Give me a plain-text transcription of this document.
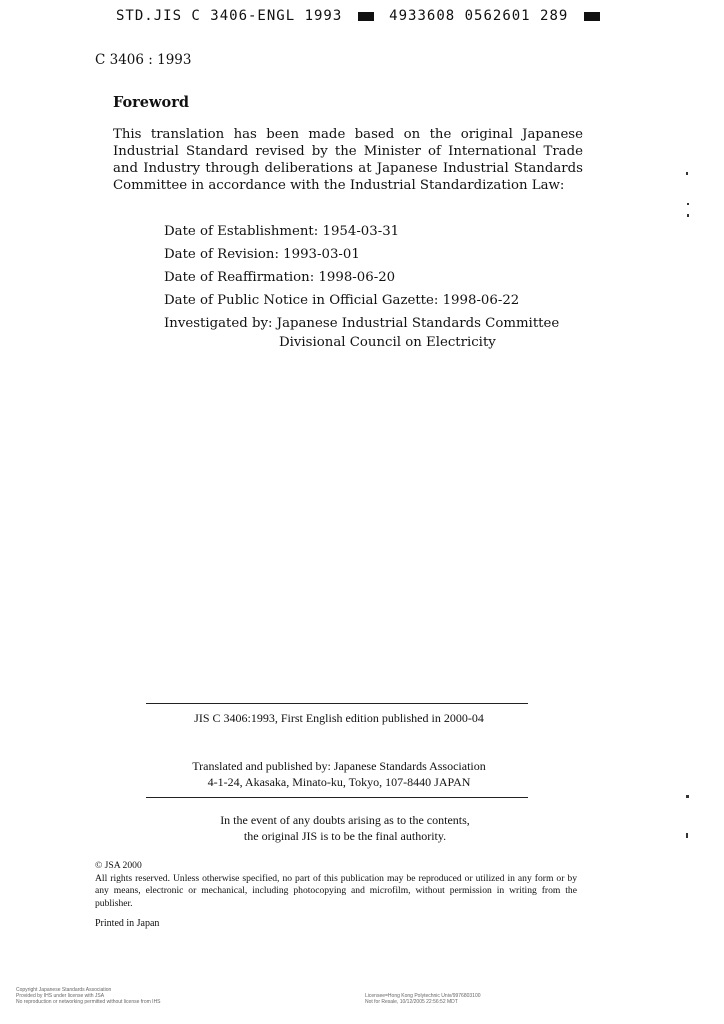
STD.JIS C 3406-ENGL 1993	4933608 0562601 289
C 3406 : 1993
Foreword
This translation has been made based on the original Japanese Industrial Standard revised by the Minister of International Trade and Industry through deliberations at Japanese Industrial Standards Committee in accordance with the Industrial Standardization Law:
Date of Establishment: 1954-03-31
Date of Revision: 1993-03-01
Date of Reaffirmation: 1998-06-20
Date of Public Notice in Official Gazette: 1998-06-22
Investigated by: Japanese Industrial Standards Committee
Divisional Council on Electricity
JIS C 3406:1993, First English edition published in 2000-04
Translated and published by: Japanese Standards Association
4-1-24, Akasaka, Minato-ku, Tokyo, 107-8440 JAPAN
In the event of any doubts arising as to the contents,
the original JIS is to be the final authority.
© JSA 2000
All rights reserved. Unless otherwise specified, no part of this publication may be reproduced or utilized in any form or by any means, electronic or mechanical, including photocopying and microfilm, without permission in writing from the publisher.
Printed in Japan
Copyright Japanese Standards Association
Provided by IHS under license with JSA
No reproduction or networking permitted without license from IHS
Licensee=Hong Kong Polytechnic Univ/9976803100
Not for Resale, 10/12/2005 22:56:52 MDT
